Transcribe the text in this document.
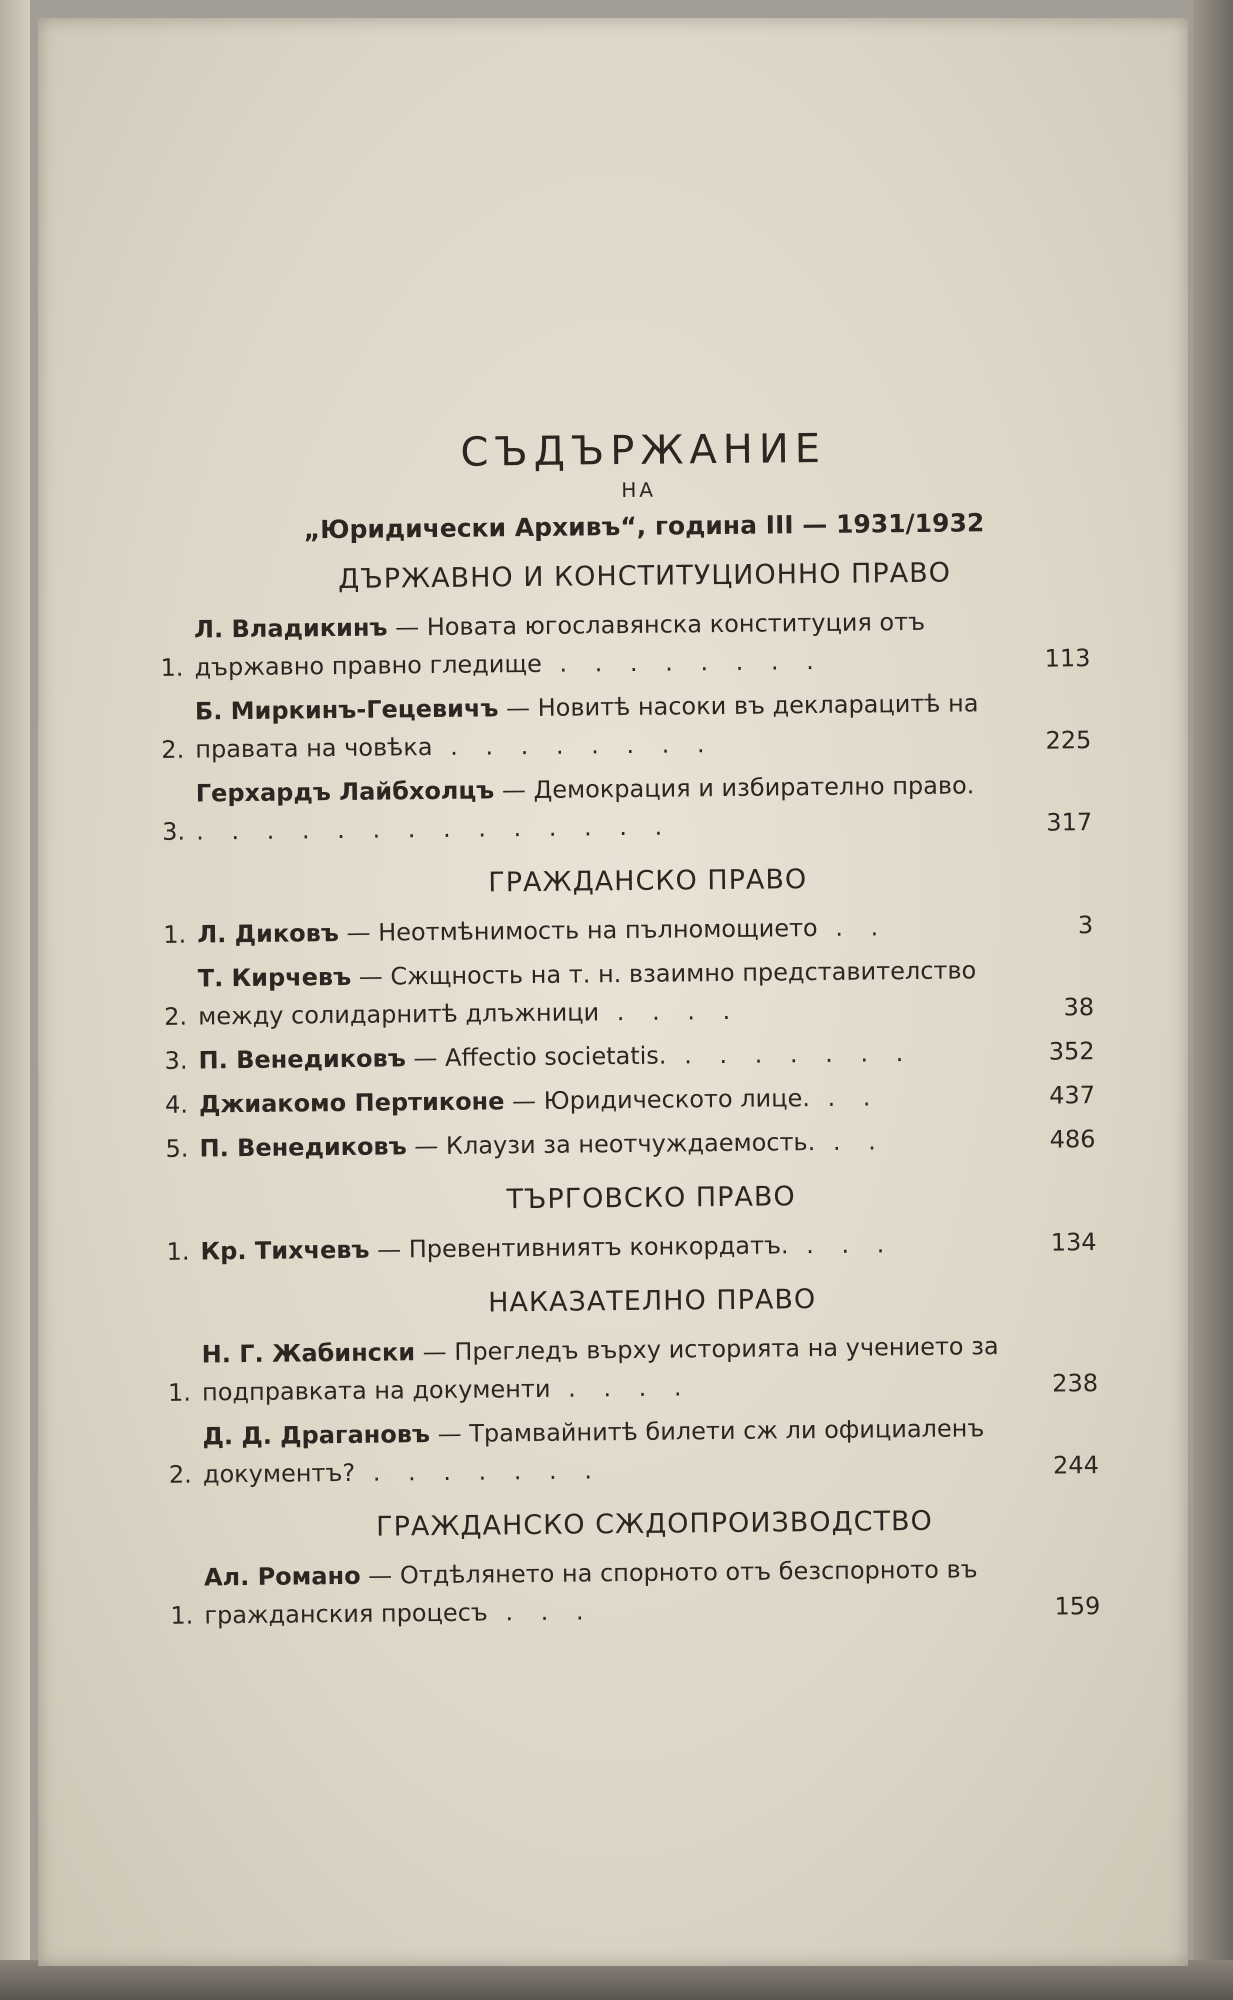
СЪДЪРЖАНИЕ
НА
„Юридически Архивъ“, година III — 1931/1932
ДЪРЖАВНО И КОНСТИТУЦИОННО ПРАВО
1.
Л. Владикинъ — Новата югославянска конституция отъ държавно правно гледище . . . . . . . .	113
2.
Б. Миркинъ-Гецевичъ — Новитѣ насоки въ декларацитѣ на правата на човѣка . . . . . . . .	225
3.
Герхардъ Лайбхолцъ — Демокрация и избирателно право. . . . . . . . . . . . . . .	317
ГРАЖДАНСКО ПРАВО
1. Л. Диковъ — Неотмѣнимость на пълномощието . .	3
2.
Т. Кирчевъ — Сжщность на т. н. взаимно представителство между солидарнитѣ длъжници . . . .	38
3. П. Венедиковъ — Affectio societatis. . . . . . . .	352
4. Джиакомо Пертиконе — Юридическото лице. . .	437
5. П. Венедиковъ — Клаузи за неотчуждаемость. . .	486
ТЪРГОВСКО ПРАВО
1. Кр. Тихчевъ — Превентивниятъ конкордатъ. . . .	134
НАКАЗАТЕЛНО ПРАВО
1.
Н. Г. Жабински — Прегледъ върху историята на учението за подправката на документи . . . .	238
2.
Д. Д. Драгановъ — Трамвайнитѣ билети сж ли официаленъ документъ? . . . . . . .	244
ГРАЖДАНСКО СЖДОПРОИЗВОДСТВО
1.
Ал. Романо — Отдѣлянето на спорното отъ безспорното въ гражданския процесъ . . .	159
